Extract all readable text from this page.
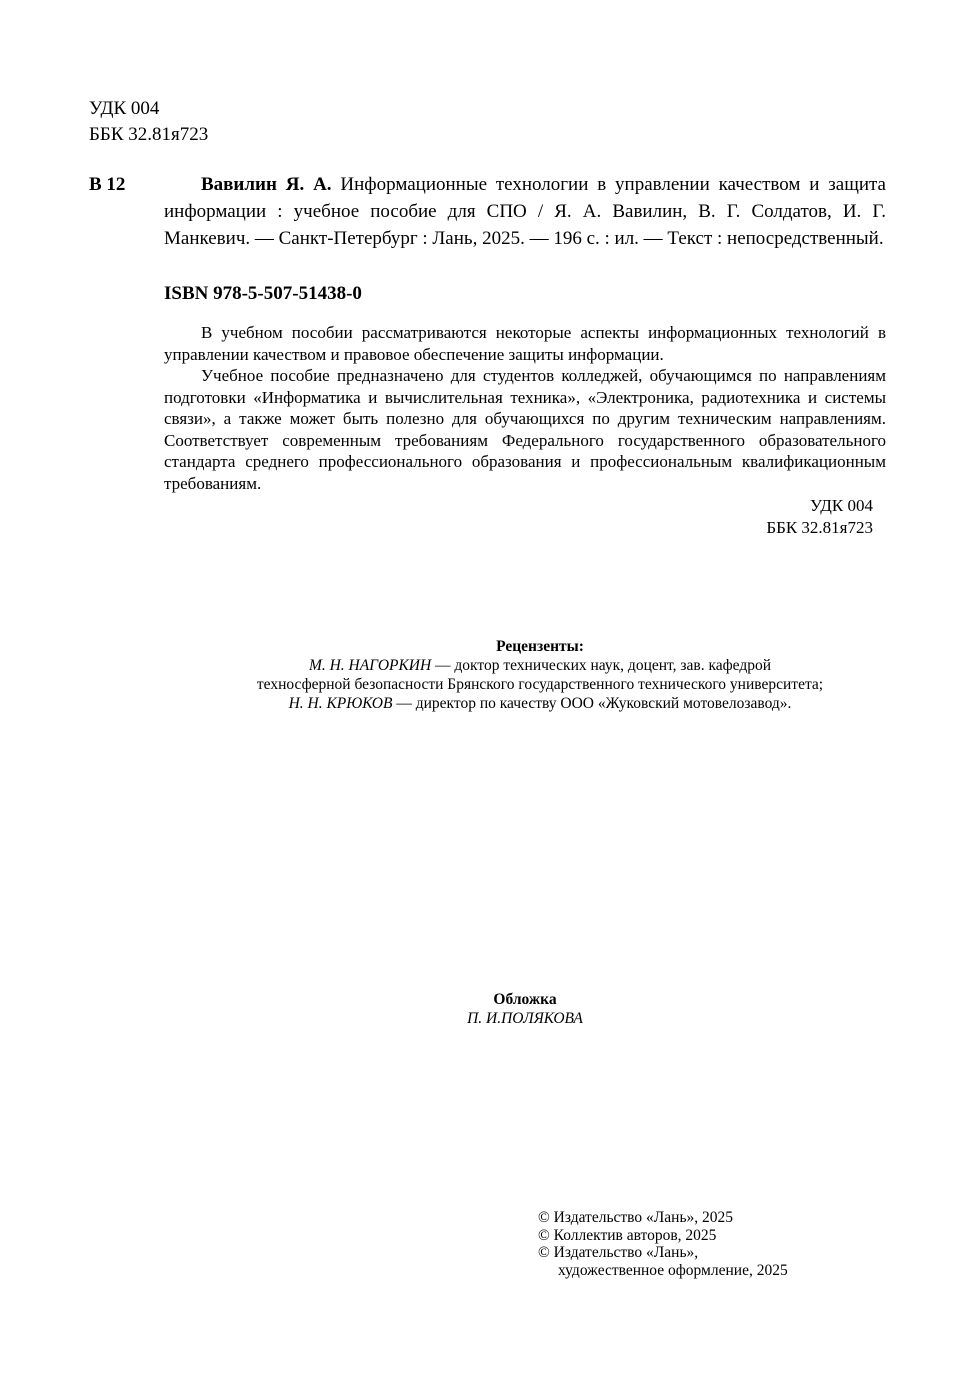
УДК 004
ББК 32.81я723
В 12	Вавилин Я. А. Информационные технологии в управлении качеством и защита информации : учебное пособие для СПО / Я. А. Вавилин, В. Г. Солдатов, И. Г. Манкевич. — Санкт-Петербург : Лань, 2025. — 196 с. : ил. — Текст : непосредственный.
ISBN 978-5-507-51438-0

В учебном пособии рассматриваются некоторые аспекты информационных технологий в управлении качеством и правовое обеспечение защиты информации.

Учебное пособие предназначено для студентов колледжей, обучающимся по направлениям подготовки «Информатика и вычислительная техника», «Электроника, радиотехника и системы связи», а также может быть полезно для обучающихся по другим техническим направлениям. Соответствует современным требованиям Федерального государственного образовательного стандарта среднего профессионального образования и профессиональным квалификационным требованиям.

УДК 004
ББК 32.81я723
Рецензенты:
М. Н. НАГОРКИН — доктор технических наук, доцент, зав. кафедрой
техносферной безопасности Брянского государственного технического университета;
Н. Н. КРЮКОВ — директор по качеству ООО «Жуковский мотовелозавод».
Обложка
П. И.ПОЛЯКОВА
© Издательство «Лань», 2025
© Коллектив авторов, 2025
© Издательство «Лань»,
художественное оформление, 2025
